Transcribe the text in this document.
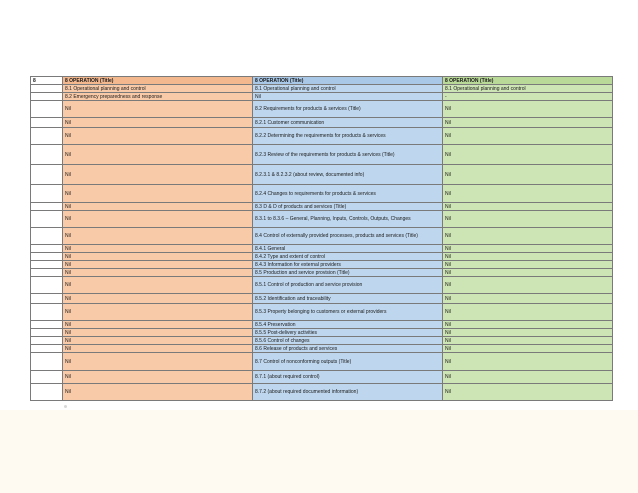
8	8 OPERATION (Title)	8 OPERATION (Title)	8 OPERATION (Title)
	8.1 Operational planning and control	8.1 Operational planning and control	8.1 Operational planning and control
	8.2 Emergency preparedness and response	Nil	-
	Nil	8.2 Requirements for products & services (Title)	Nil
	Nil	8.2.1 Customer communication	Nil
	Nil	8.2.2 Determining the requirements for products & services	Nil
	Nil	8.2.3 Review of the requirements for products & services (Title)	Nil
	Nil	8.2.3.1 & 8.2.3.2 (about review, documented info)	Nil
	Nil	8.2.4 Changes to requirements for products & services	Nil
	Nil	8.3 D & D of products and services (Title)	Nil
	Nil	8.3.1 to 8.3.6 – General, Planning, Inputs, Controls, Outputs, Changes	Nil
	Nil	8.4 Control of externally provided processes, products and services (Title)	Nil
	Nil	8.4.1 General	Nil
	Nil	8.4.2 Type and extent of control	Nil
	Nil	8.4.3 Information for external providers	Nil
	Nil	8.5 Production and service provision (Title)	Nil
	Nil	8.5.1 Control of production and service provision	Nil
	Nil	8.5.2 Identification and traceability	Nil
	Nil	8.5.3 Property belonging to customers or external providers	Nil
	Nil	8.5.4 Preservation	Nil
	Nil	8.5.5 Post-delivery activities	Nil
	Nil	8.5.6 Control of changes	Nil
	Nil	8.6 Release of products and services	Nil
	Nil	8.7 Control of nonconforming outputs (Title)	Nil
	Nil	8.7.1 (about required control)	Nil
	Nil	8.7.2 (about required documented information)	Nil
